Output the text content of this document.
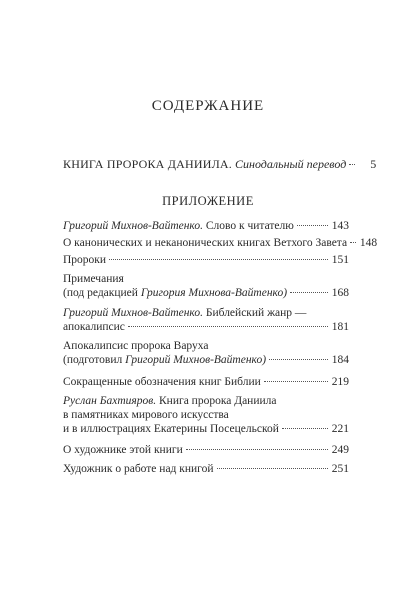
СОДЕРЖАНИЕ
КНИГА ПРОРОКА ДАНИИЛА. Синодальный перевод	5
ПРИЛОЖЕНИЕ
Григорий Михнов-Вайтенко. Слово к читателю	143
О канонических и неканонических книгах Ветхого Завета 148
Пророки	151
Примечания
(под редакцией Григория Михнова-Вайтенко)	168
Григорий Михнов-Вайтенко. Библейский жанр —
апокалипсис	181
Апокалипсис пророка Варуха
(подготовил Григорий Михнов-Вайтенко)	184
Сокращенные обозначения книг Библии	219
Руслан Бахтияров. Книга пророка Даниила
в памятниках мирового искусства
и в иллюстрациях Екатерины Посецельской	221
О художнике этой книги	249
Художник о работе над книгой	251
